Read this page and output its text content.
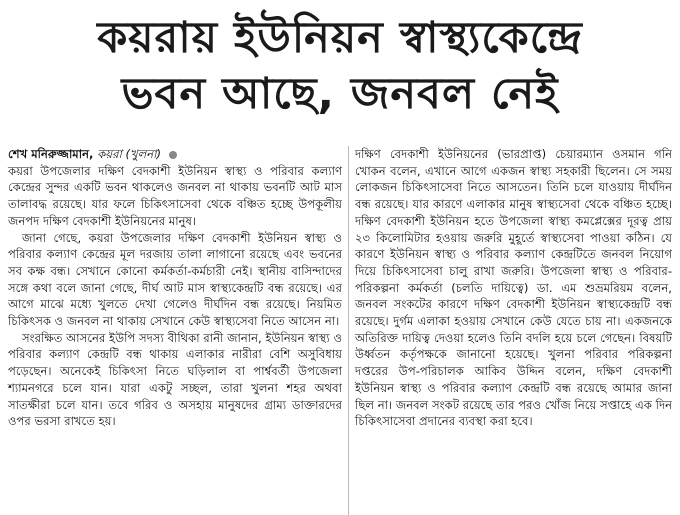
কয়রায় ইউনিয়ন স্বাস্থ্যকেন্দ্রে
ভবন আছে, জনবল নেই

শেখ মনিরুজ্জামান, কয়রা (খুলনা)

কয়রা উপজেলার দক্ষিণ বেদকাশী ইউনিয়ন স্বাস্থ্য ও পরিবার কল্যাণ কেন্দ্রের সুন্দর একটি ভবন থাকলেও জনবল না থাকায় ভবনটি আট মাস তালাবদ্ধ রয়েছে। যার ফলে চিকিৎসাসেবা থেকে বঞ্চিত হচ্ছে উপকূলীয় জনপদ দক্ষিণ বেদকাশী ইউনিয়নের মানুষ।

জানা গেছে, কয়রা উপজেলার দক্ষিণ বেদকাশী ইউনিয়ন স্বাস্থ্য ও পরিবার কল্যাণ কেন্দ্রের মূল দরজায় তালা লাগানো রয়েছে এবং ভবনের সব কক্ষ বন্ধ। সেখানে কোনো কর্মকর্তা-কর্মচারী নেই। স্থানীয় বাসিন্দাদের সঙ্গে কথা বলে জানা গেছে, দীর্ঘ আট মাস স্বাস্থ্যকেন্দ্রটি বন্ধ রয়েছে। এর আগে মাঝে মধ্যে খুলতে দেখা গেলেও দীর্ঘদিন বন্ধ রয়েছে। নিয়মিত চিকিৎসক ও জনবল না থাকায় সেখানে কেউ স্বাস্থ্যসেবা নিতে আসেন না।

সংরক্ষিত আসনের ইউপি সদস্য বীথিকা রানী জানান, ইউনিয়ন স্বাস্থ্য ও পরিবার কল্যাণ কেন্দ্রটি বন্ধ থাকায় এলাকার নারীরা বেশি অসুবিধায় পড়েছেন। অনেকেই চিকিৎসা নিতে ঘড়িলাল বা পার্শ্ববর্তী উপজেলা শ্যামনগরে চলে যান। যারা একটু সচ্ছল, তারা খুলনা শহর অথবা সাতক্ষীরা চলে যান। তবে গরিব ও অসহায় মানুষদের গ্রাম্য ডাক্তারদের ওপর ভরসা রাখতে হয়।

দক্ষিণ বেদকাশী ইউনিয়নের (ভারপ্রাপ্ত) চেয়ারম্যান ওসমান গনি খোকন বলেন, এখানে আগে একজন স্বাস্থ্য সহকারী ছিলেন। সে সময় লোকজন চিকিৎসাসেবা নিতে আসতেন। তিনি চলে যাওয়ায় দীর্ঘদিন বন্ধ রয়েছে। যার কারণে এলাকার মানুষ স্বাস্থ্যসেবা থেকে বঞ্চিত হচ্ছে। দক্ষিণ বেদকাশী ইউনিয়ন হতে উপজেলা স্বাস্থ্য কমপ্লেক্সের দূরত্ব প্রায় ২৩ কিলোমিটার হওয়ায় জরুরি মুহূর্তে স্বাস্থ্যসেবা পাওয়া কঠিন। যে কারণে ইউনিয়ন স্বাস্থ্য ও পরিবার কল্যাণ কেন্দ্রটিতে জনবল নিয়োগ দিয়ে চিকিৎসাসেবা চালু রাখা জরুরি। উপজেলা স্বাস্থ্য ও পরিবার-পরিকল্পনা কর্মকর্তা (চলতি দায়িত্বে) ডা. এম শুভ্রমরিয়ম বলেন, জনবল সংকটের কারণে দক্ষিণ বেদকাশী ইউনিয়ন স্বাস্থ্যকেন্দ্রটি বন্ধ রয়েছে। দুর্গম এলাকা হওয়ায় সেখানে কেউ যেতে চায় না। একজনকে অতিরিক্ত দায়িত্ব দেওয়া হলেও তিনি বদলি হয়ে চলে গেছেন। বিষয়টি উর্ধ্বতন কর্তৃপক্ষকে জানানো হয়েছে। খুলনা পরিবার পরিকল্পনা দপ্তরের উপ-পরিচালক আকিব উদ্দিন বলেন, দক্ষিণ বেদকাশী ইউনিয়ন স্বাস্থ্য ও পরিবার কল্যাণ কেন্দ্রটি বন্ধ রয়েছে আমার জানা ছিল না। জনবল সংকট রয়েছে তার পরও খোঁজ নিয়ে সপ্তাহে এক দিন চিকিৎসাসেবা প্রদানের ব্যবস্থা করা হবে।
